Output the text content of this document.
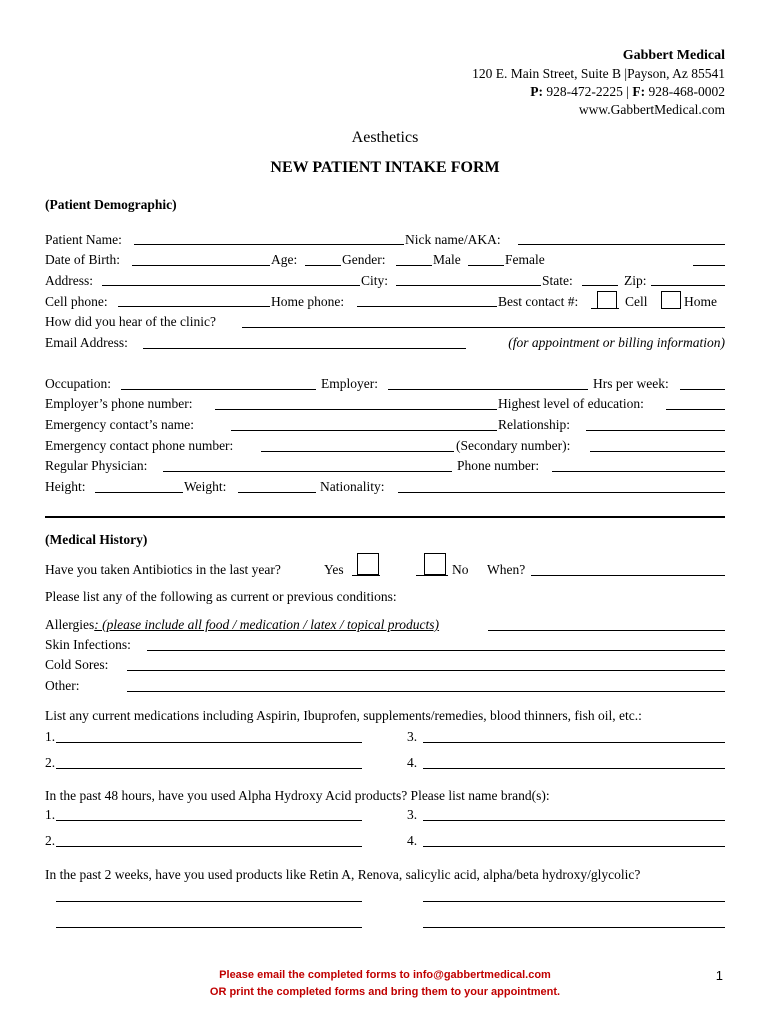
Gabbert Medical
120 E. Main Street, Suite B |Payson, Az 85541
P: 928-472-2225 | F: 928-468-0002
www.GabbertMedical.com
Aesthetics
NEW PATIENT INTAKE FORM
(Patient Demographic)
Patient Name:	Nick name/AKA:
Date of Birth:	Age:	Gender:	Male	Female
Address:	City:	State:	Zip:
Cell phone:	Home phone:	Best contact #:	Cell	Home
How did you hear of the clinic?
Email Address:	(for appointment or billing information)
Occupation:	Employer:	Hrs per week:
Employer’s phone number:	Highest level of education:
Emergency contact’s name:	Relationship:
Emergency contact phone number:	(Secondary number):
Regular Physician:	Phone number:
Height:	Weight:	Nationality:
(Medical History)
Have you taken Antibiotics in the last year?	Yes	No When?
Please list any of the following as current or previous conditions:
Allergies: (please include all food / medication / latex / topical products)
Skin Infections:
Cold Sores:
Other:
List any current medications including Aspirin, Ibuprofen, supplements/remedies, blood thinners, fish oil, etc.:
1.	3.
2.	4.
In the past 48 hours, have you used Alpha Hydroxy Acid products? Please list name brand(s):
1.	3.
2.	4.
In the past 2 weeks, have you used products like Retin A, Renova, salicylic acid, alpha/beta hydroxy/glycolic?
Please email the completed forms to info@gabbertmedical.com
OR print the completed forms and bring them to your appointment.
1
